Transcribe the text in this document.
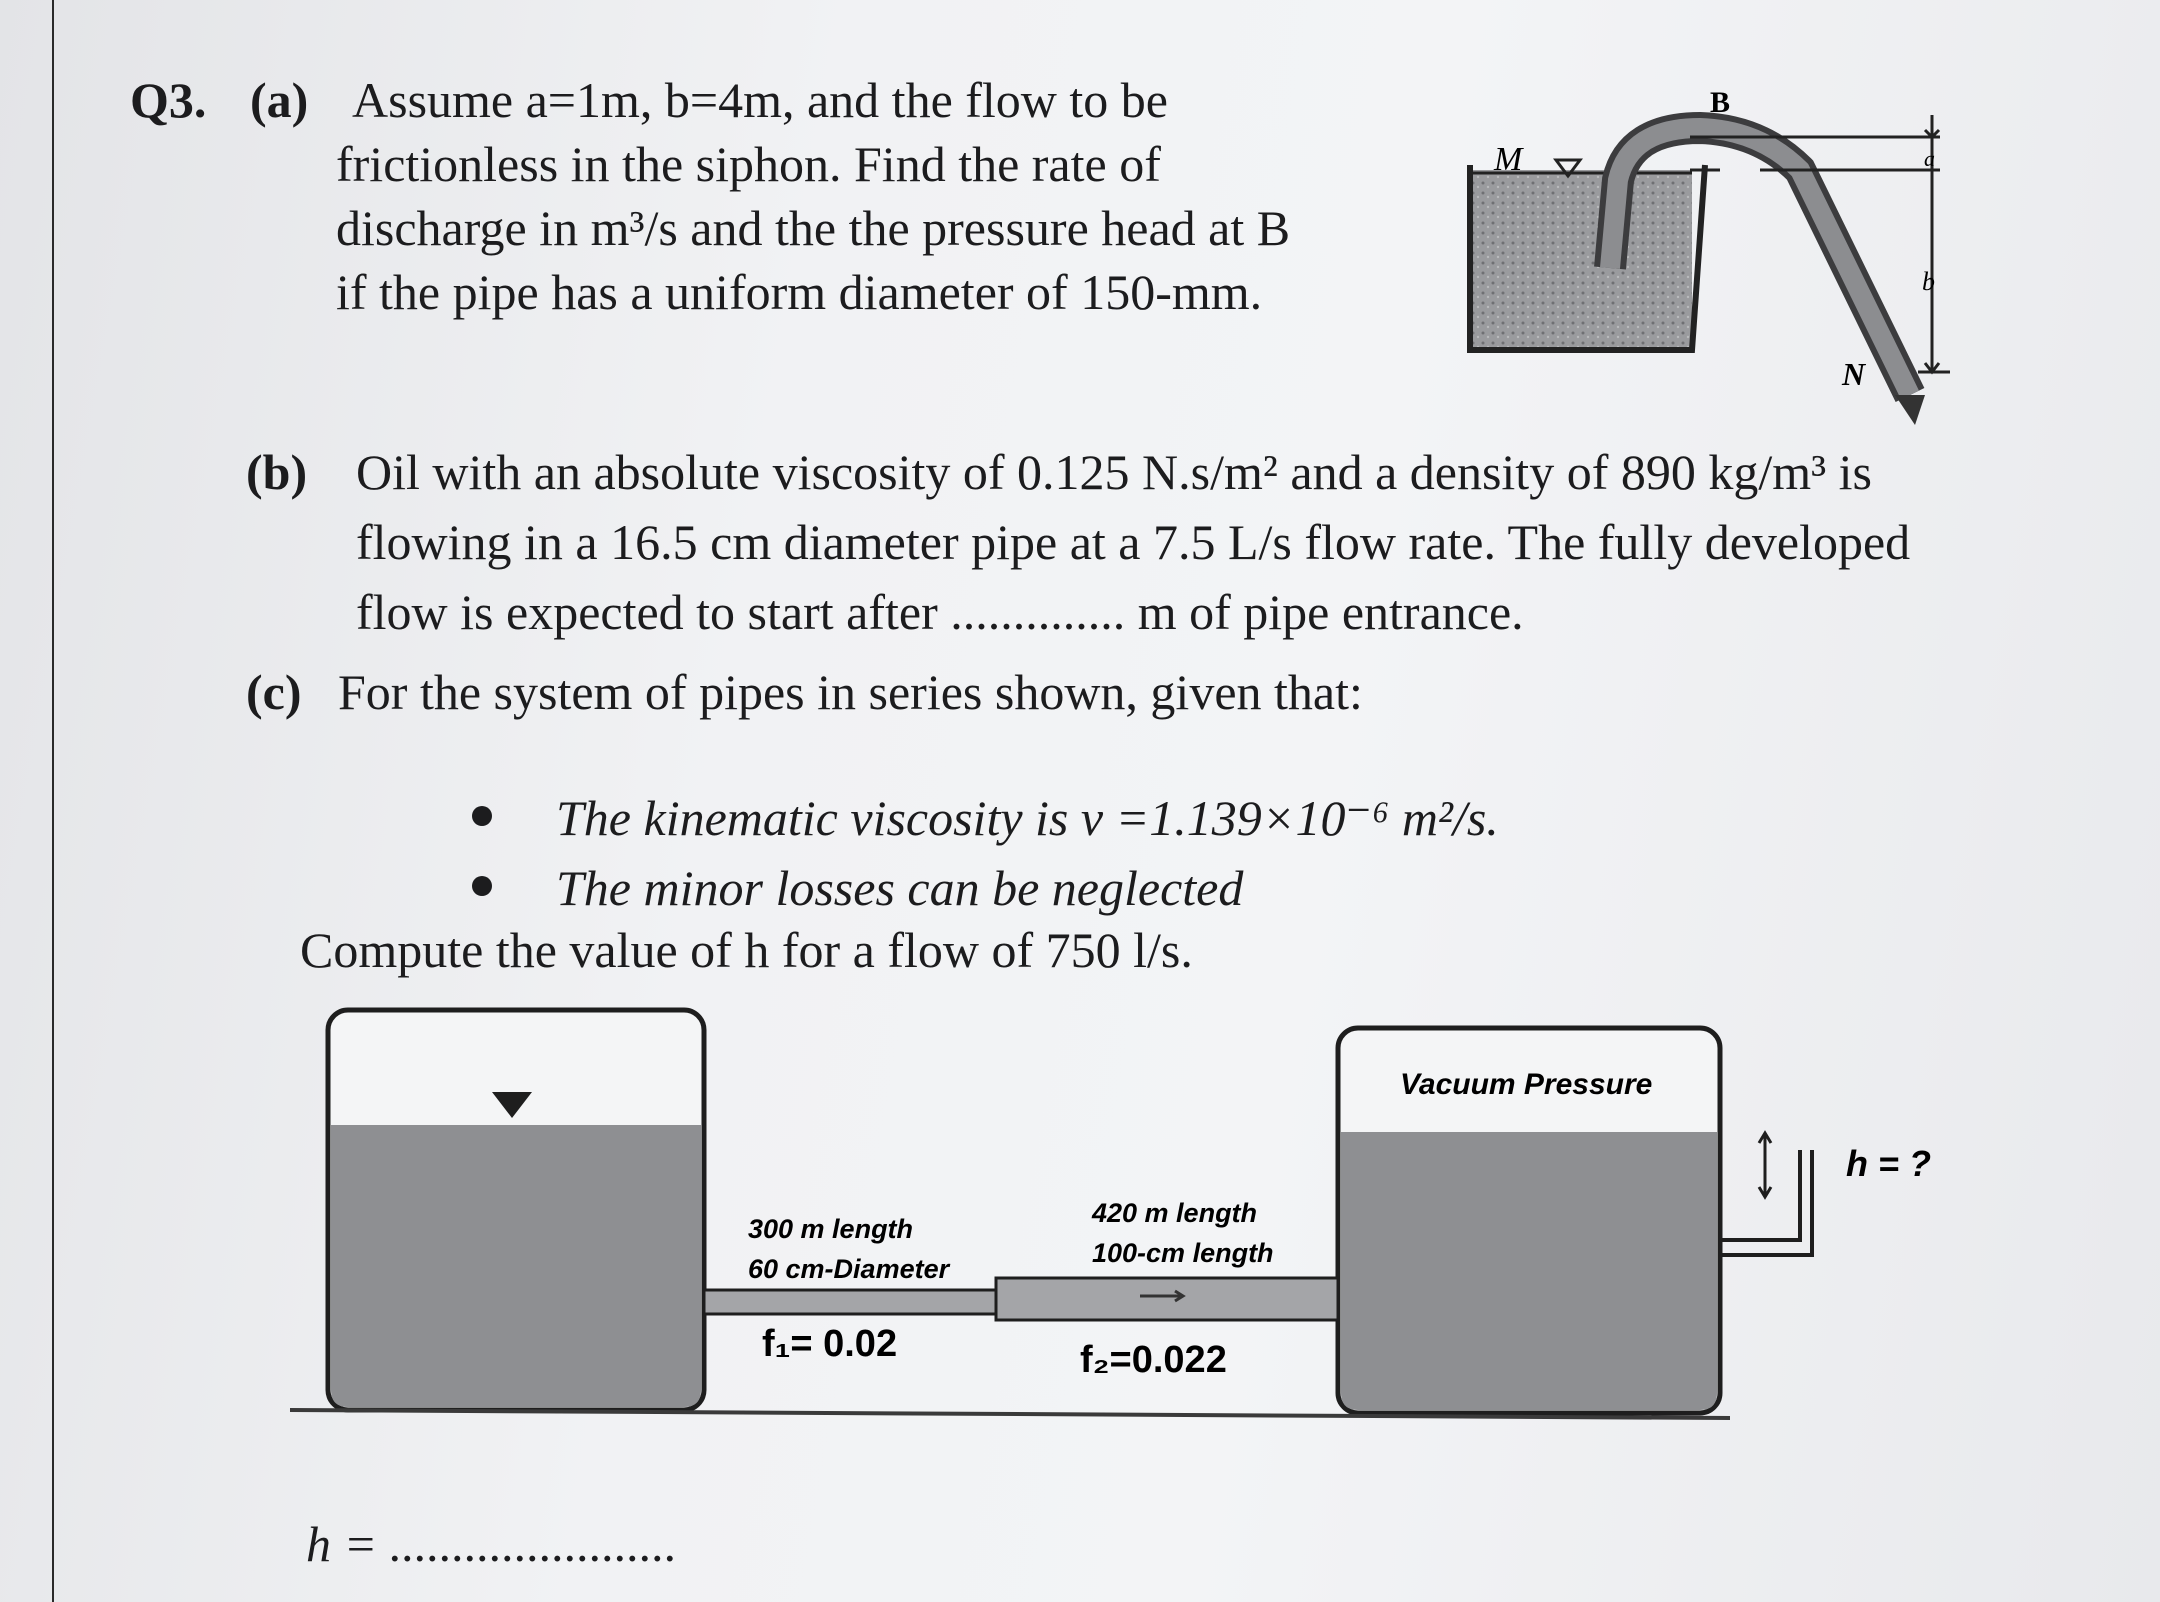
Q3. (a) Assume a=1m, b=4m, and the flow to be
frictionless in the siphon. Find the rate of
discharge in m³/s and the the pressure head at B
if the pipe has a uniform diameter of 150-mm.
B
M
N
a
b
(b) Oil with an absolute viscosity of 0.125 N.s/m² and a density of 890 kg/m³ is
flowing in a 16.5 cm diameter pipe at a 7.5 L/s flow rate. The fully developed
flow is expected to start after .............. m of pipe entrance.
(c) For the system of pipes in series shown, given that:
The kinematic viscosity is ν =1.139×10⁻⁶ m²/s.
The minor losses can be neglected
Compute the value of h for a flow of 750 l/s.
Vacuum Pressure
h = ?
300 m length
60 cm-Diameter
f₁= 0.02
420 m length
100-cm length
f₂=0.022
h = .......................
